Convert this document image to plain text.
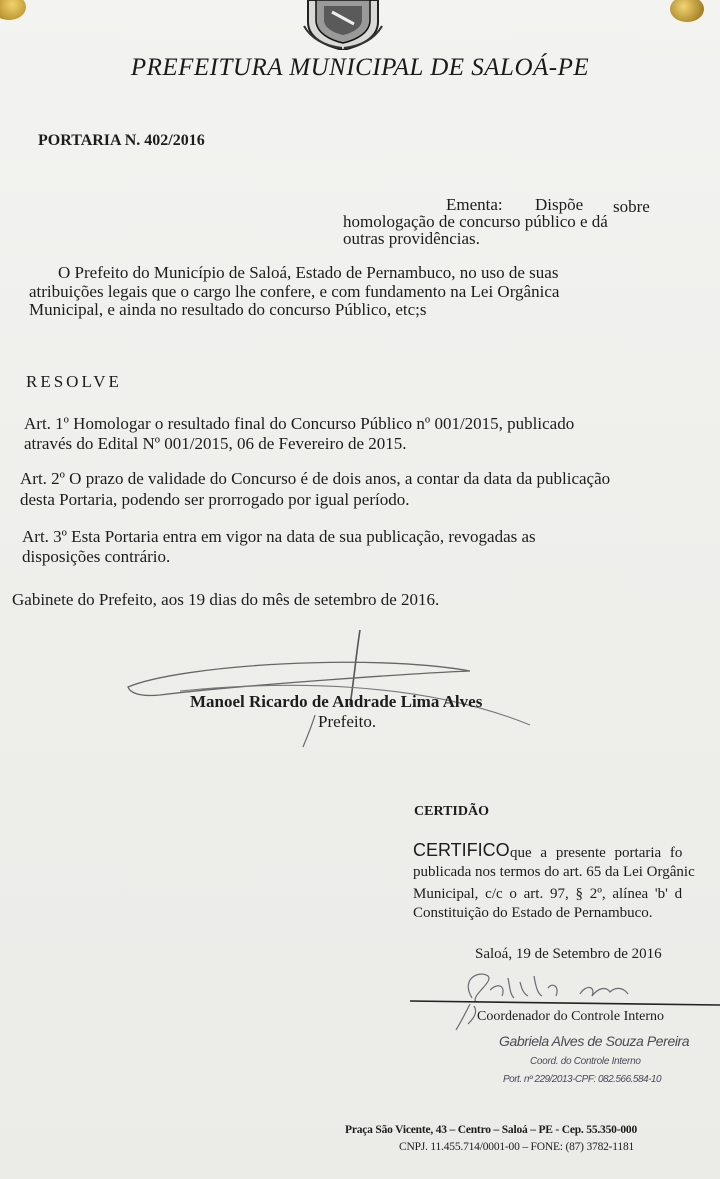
PREFEITURA MUNICIPAL DE SALOÁ-PE
PORTARIA N. 402/2016
Ementa: Dispõe sobre
homologação de concurso público e dá
outras providências.
O Prefeito do Município de Saloá, Estado de Pernambuco, no uso de suas
atribuições legais que o cargo lhe confere, e com fundamento na Lei Orgânica
Municipal, e ainda no resultado do concurso Público, etc;s
RESOLVE
Art. 1º Homologar o resultado final do Concurso Público nº 001/2015, publicado
através do Edital Nº 001/2015, 06 de Fevereiro de 2015.
Art. 2º O prazo de validade do Concurso é de dois anos, a contar da data da publicação
desta Portaria, podendo ser prorrogado por igual período.
Art. 3º Esta Portaria entra em vigor na data de sua publicação, revogadas as
disposições contrário.
Gabinete do Prefeito, aos 19 dias do mês de setembro de 2016.
Manoel Ricardo de Andrade Lima Alves
Prefeito.
CERTIDÃO
CERTIFICO que a presente portaria fo
publicada nos termos do art. 65 da Lei Orgânic
Municipal, c/c o art. 97, § 2º, alínea 'b' d
Constituição do Estado de Pernambuco.
Saloá, 19 de Setembro de 2016
Coordenador do Controle Interno
Gabriela Alves de Souza Pereira
Coord. do Controle Interno
Port. nº 229/2013-CPF: 082.566.584-10
Praça São Vicente, 43 – Centro – Saloá – PE - Cep. 55.350-000
CNPJ. 11.455.714/0001-00 – FONE: (87) 3782-1181
